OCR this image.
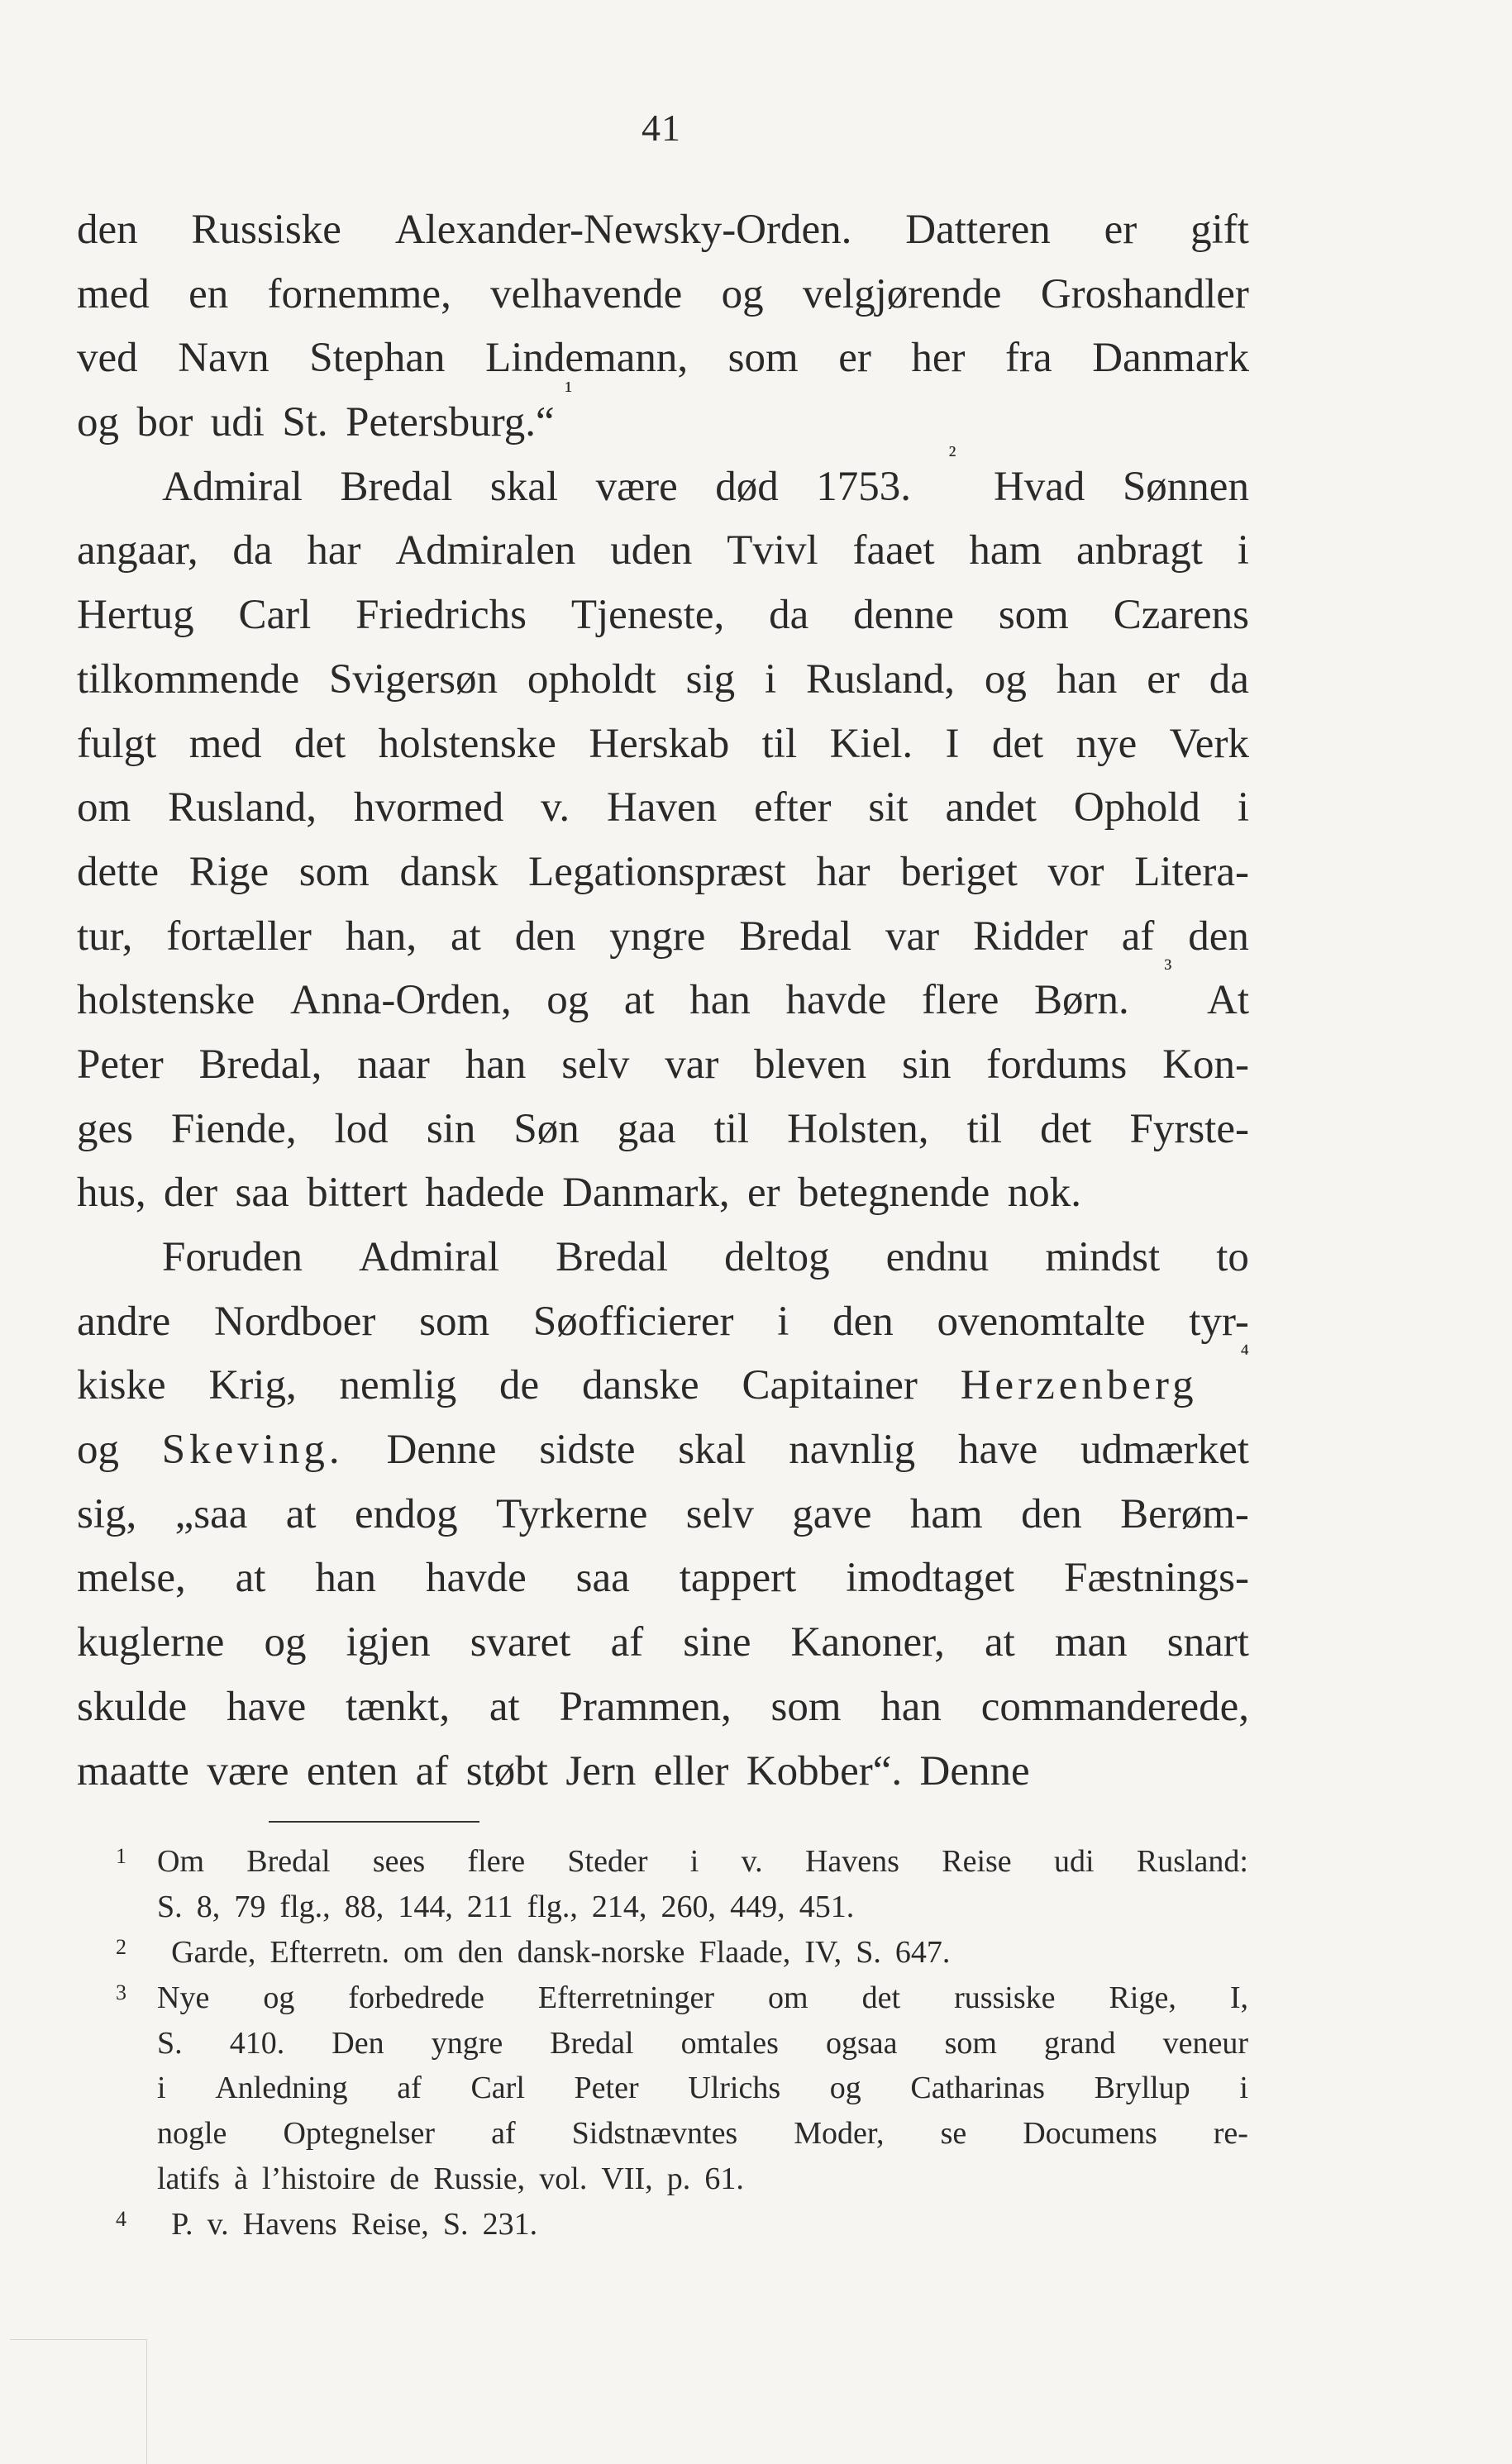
41
den Russiske Alexander-Newsky-Orden. Datteren er gift
med en fornemme, velhavende og velgjørende Groshandler
ved Navn Stephan Lindemann, som er her fra Danmark
og bor udi St. Petersburg.“
¹
Admiral Bredal skal være død 1753.
²
Hvad Sønnen
angaar, da har Admiralen uden Tvivl faaet ham anbragt i
Hertug Carl Friedrichs Tjeneste, da denne som Czarens
tilkommende Svigersøn opholdt sig i Rusland, og han er da
fulgt med det holstenske Herskab til Kiel. I det nye Verk
om Rusland, hvormed v. Haven efter sit andet Ophold i
dette Rige som dansk Legationspræst har beriget vor Litera-
tur, fortæller han, at den yngre Bredal var Ridder af den
holstenske Anna-Orden, og at han havde flere Børn.
³
At
Peter Bredal, naar han selv var bleven sin fordums Kon-
ges Fiende, lod sin Søn gaa til Holsten, til det Fyrste-
hus, der saa bittert hadede Danmark, er betegnende nok.
Foruden Admiral Bredal deltog endnu mindst to
andre Nordboer som Søofficierer i den ovenomtalte tyr-
kiske Krig, nemlig de danske Capitainer Herzenberg
⁴
og Skeving. Denne sidste skal navnlig have udmærket
sig, „saa at endog Tyrkerne selv gave ham den Berøm-
melse, at han havde saa tappert imodtaget Fæstnings-
kuglerne og igjen svaret af sine Kanoner, at man snart
skulde have tænkt, at Prammen, som han commanderede,
maatte være enten af støbt Jern eller Kobber“. Denne
1 Om Bredal sees flere Steder i v. Havens Reise udi Rusland:
S. 8, 79 flg., 88, 144, 211 flg., 214, 260, 449, 451.
2 Garde, Efterretn. om den dansk-norske Flaade, IV, S. 647.
3 Nye og forbedrede Efterretninger om det russiske Rige, I,
S. 410. Den yngre Bredal omtales ogsaa som grand veneur
i Anledning af Carl Peter Ulrichs og Catharinas Bryllup i
nogle Optegnelser af Sidstnævntes Moder, se Documens re-
latifs à l’histoire de Russie, vol. VII, p. 61.
4 P. v. Havens Reise, S. 231.
